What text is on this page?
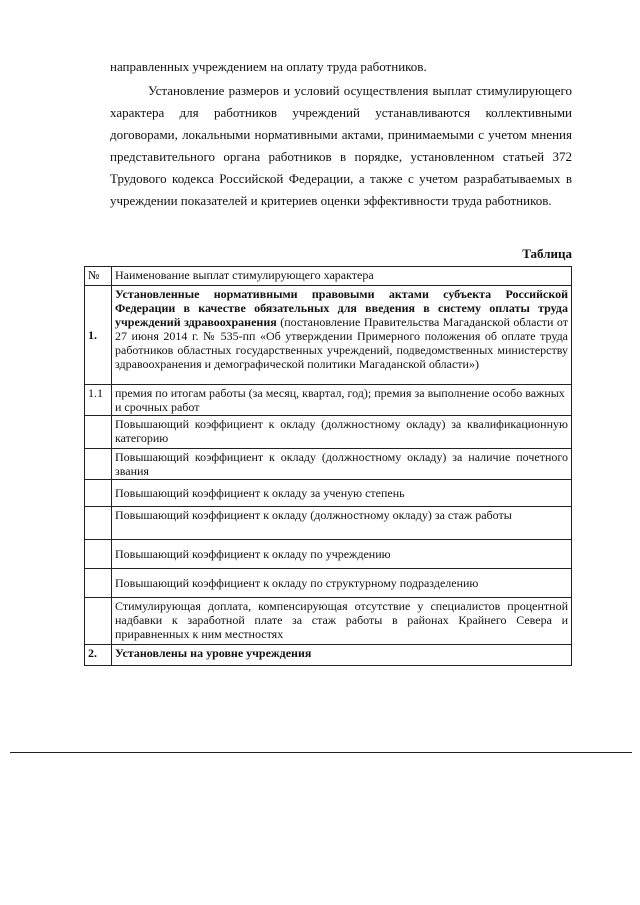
направленных учреждением на оплату труда работников.
Установление размеров и условий осуществления выплат стимулирующего характера для работников учреждений устанавливаются коллективными договорами, локальными нормативными актами, принимаемыми с учетом мнения представительного органа работников в порядке, установленном статьей 372 Трудового кодекса Российской Федерации, а также с учетом разрабатываемых в учреждении показателей и критериев оценки эффективности труда работников.
Таблица
№	Наименование выплат стимулирующего характера
1.	Установленные нормативными правовыми актами субъекта Российской Федерации в качестве обязательных для введения в систему оплаты труда учреждений здравоохранения (постановление Правительства Магаданской области от 27 июня 2014 г. № 535-пп «Об утверждении Примерного положения об оплате труда работников областных государственных учреждений, подведомственных министерству здравоохранения и демографической политики Магаданской области»)
1.1	премия по итогам работы (за месяц, квартал, год); премия за выполнение особо важных и срочных работ
	Повышающий коэффициент к окладу (должностному окладу) за квалификационную категорию
	Повышающий коэффициент к окладу (должностному окладу) за наличие почетного звания
	Повышающий коэффициент к окладу за ученую степень
	Повышающий коэффициент к окладу (должностному окладу) за стаж работы
	Повышающий коэффициент к окладу по учреждению
	Повышающий коэффициент к окладу по структурному подразделению
	Стимулирующая доплата, компенсирующая отсутствие у специалистов процентной надбавки к заработной плате за стаж работы в районах Крайнего Севера и приравненных к ним местностях
2.	Установлены на уровне учреждения
